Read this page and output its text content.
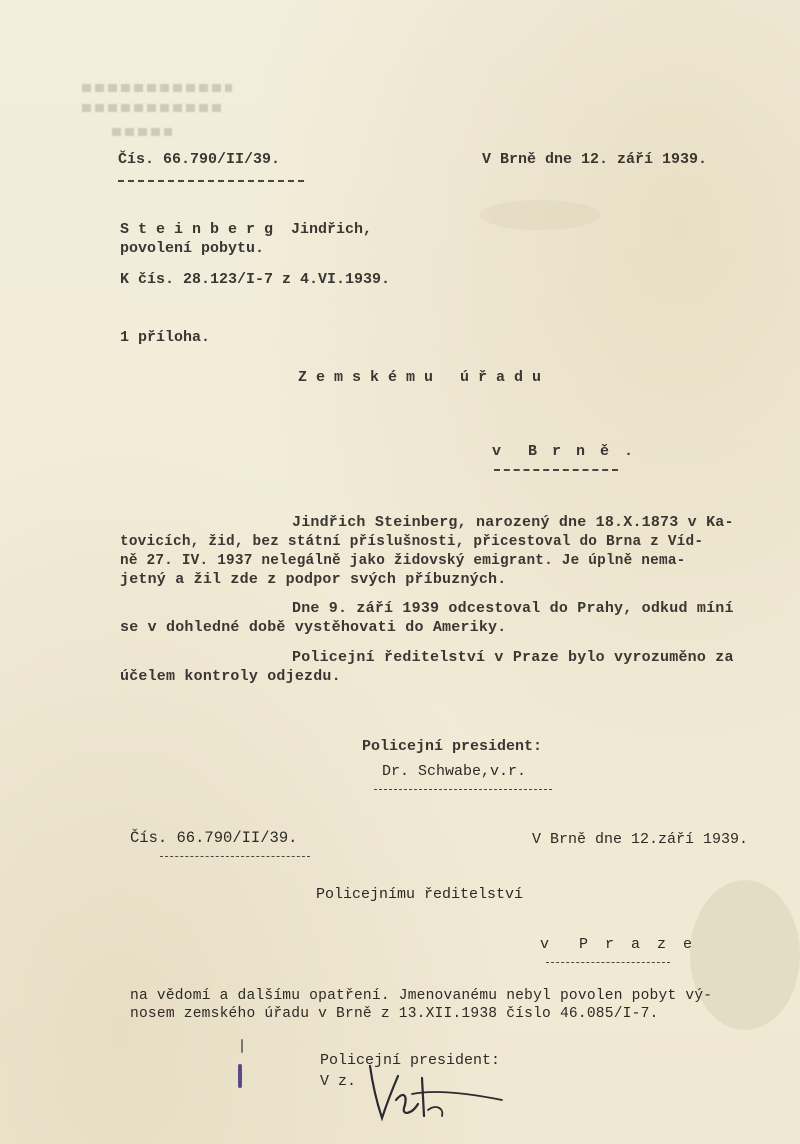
Čís. 66.790/II/39.	V Brně dne 12. září 1939.
S t e i n b e r g  Jindřich,
povolení pobytu.
K čís. 28.123/I-7 z 4.VI.1939.
1 příloha.
Z e m s k é m u   ú ř a d u
v  B r n ě .
Jindřich Steinberg, narozený dne 18.X.1873 v Ka-
tovicích, žid, bez státní příslušnosti, přicestoval do Brna z Víd-
ně 27. IV. 1937 nelegálně jako židovský emigrant. Je úplně nema-
jetný a žil zde z podpor svých příbuzných.
Dne 9. září 1939 odcestoval do Prahy, odkud míní
se v dohledné době vystěhovati do Ameriky.
Policejní ředitelství v Praze bylo vyrozuměno za
účelem kontroly odjezdu.
Policejní president:
Dr. Schwabe,v.r.
Čís. 66.790/II/39.	V Brně dne 12.září 1939.
Policejnímu ředitelství
v  P r a z e
na vědomí a dalšímu opatření. Jmenovanému nebyl povolen pobyt vý-
nosem zemského úřadu v Brně z 13.XII.1938 číslo 46.085/I-7.
Policejní president:
V z.
